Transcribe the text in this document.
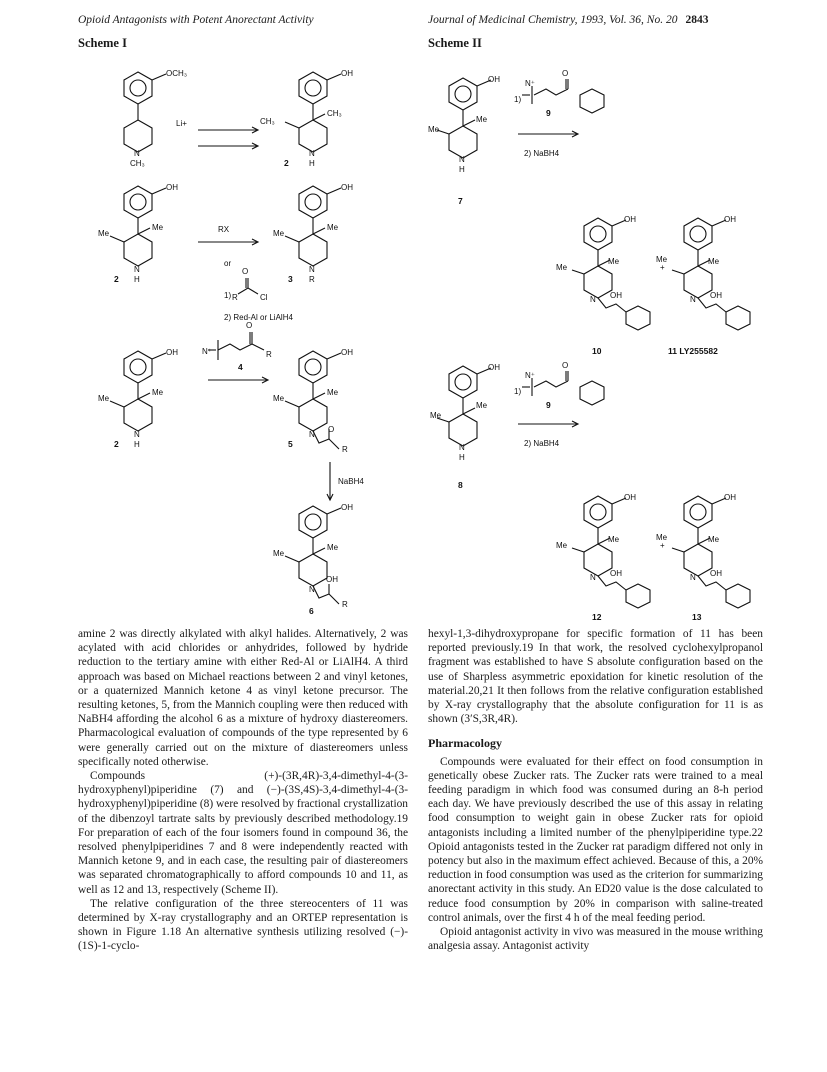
Opioid Antagonists with Potent Anorectant Activity	Journal of Medicinal Chemistry, 1993, Vol. 36, No. 20 2843
Scheme I	Scheme II
OCH₃
Li+
N
CH₃
OH
CH₃
CH₃
N
H
2
OH
Me
Me
N
H
2
RX
or
1) R	Cl
O
2) Red-Al or LiAlH4
OH
Me
Me
N
R
3
OH
Me
Me
N
H
2
N⁺
O
R
4
OH
Me
Me
N
O
R
5
NaBH4
OH
Me
Me
N
OH
R
6
OH
Me
Me
N
H
7
1)
N⁺
O
9
2) NaBH4
OH
Me
Me
N OH
+
OH
Me
Me
N OH
10	11 LY255582
OH
Me
Me
N
H
8
1)
N⁺
O
9
2) NaBH4
OH
Me
Me
N OH
+
OH
Me
Me
N OH
12	13

amine 2 was directly alkylated with alkyl halides. Alternatively, 2 was acylated with acid chlorides or anhydrides, followed by hydride reduction to the tertiary amine with either Red-Al or LiAlH4. A third approach was based on Michael reactions between 2 and vinyl ketones, or a quaternized Mannich ketone 4 as vinyl ketone precursor. The resulting ketones, 5, from the Mannich coupling were then reduced with NaBH4 affording the alcohol 6 as a mixture of hydroxy diastereomers. Pharmacological evaluation of compounds of the type represented by 6 were generally carried out on the mixture of diastereomers unless specifically noted otherwise.

Compounds (+)-(3R,4R)-3,4-dimethyl-4-(3-hydroxyphenyl)piperidine (7) and (−)-(3S,4S)-3,4-dimethyl-4-(3-hydroxyphenyl)piperidine (8) were resolved by fractional crystallization of the dibenzoyl tartrate salts by previously described methodology.19 For preparation of each of the four isomers found in compound 36, the resolved phenylpiperidines 7 and 8 were independently reacted with Mannich ketone 9, and in each case, the resulting pair of diastereomers was separated chromatographically to afford compounds 10 and 11, as well as 12 and 13, respectively (Scheme II).

The relative configuration of the three stereocenters of 11 was determined by X-ray crystallography and an ORTEP representation is shown in Figure 1.18 An alternative synthesis utilizing resolved (−)-(1S)-1-cyclo-

hexyl-1,3-dihydroxypropane for specific formation of 11 has been reported previously.19 In that work, the resolved cyclohexylpropanol fragment was established to have S absolute configuration based on the use of Sharpless asymmetric epoxidation for kinetic resolution of the material.20,21 It then follows from the relative configuration established by X-ray crystallography that the absolute configuration for 11 is as shown (3′S,3R,4R).

Pharmacology

Compounds were evaluated for their effect on food consumption in genetically obese Zucker rats. The Zucker rats were trained to a meal feeding paradigm in which food was consumed during an 8-h period each day. We have previously described the use of this assay in relating food consumption to weight gain in obese Zucker rats for opioid antagonists including a limited number of the phenylpiperidine type.22 Opioid antagonists tested in the Zucker rat paradigm differed not only in potency but also in the maximum effect achieved. Because of this, a 20% reduction in food consumption was used as the criterion for summarizing anorectant activity in this study. An ED20 value is the dose calculated to reduce food consumption by 20% in comparison with saline-treated control animals, over the first 4 h of the meal feeding period.

Opioid antagonist activity in vivo was measured in the mouse writhing analgesia assay. Antagonist activity
